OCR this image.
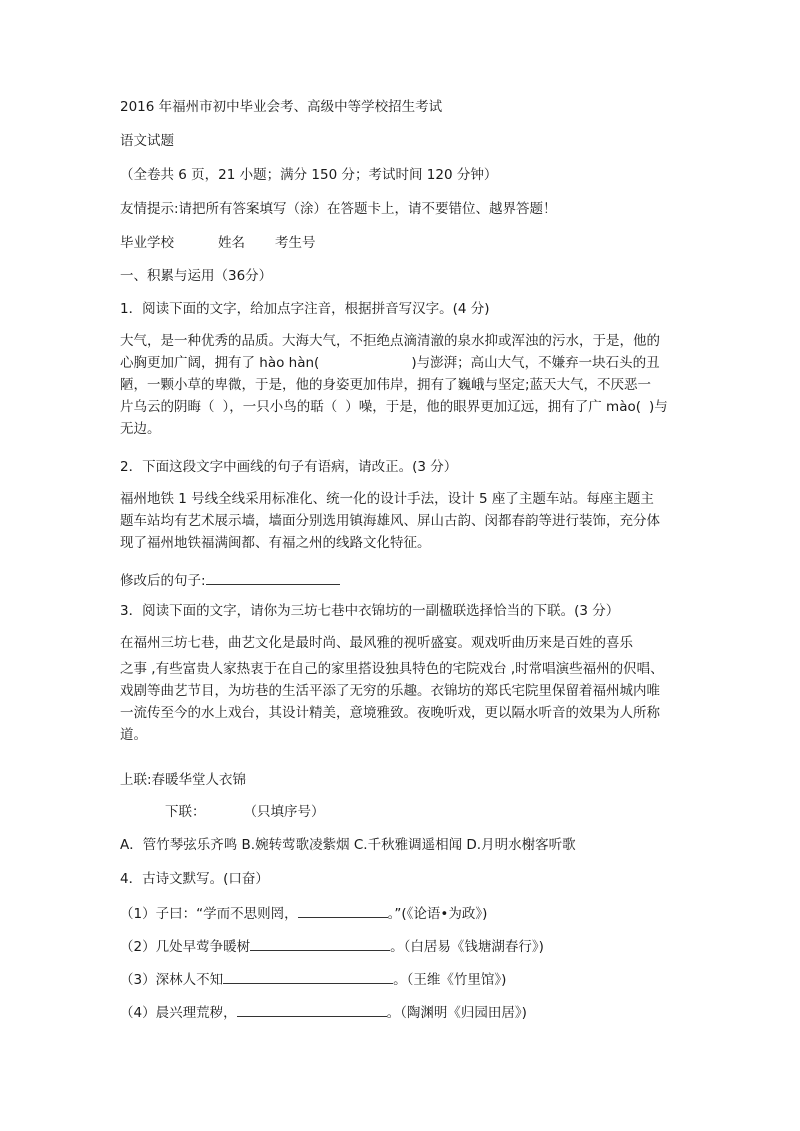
2016 年福州市初中毕业会考、高级中等学校招生考试
语文试题
（全卷共 6 页，21 小题；满分 150 分；考试时间 120 分钟）
友情提示:请把所有答案填写（涂）在答题卡上，请不要错位、越界答题！
毕业学校	姓名 考生号
一、积累与运用（36分）
1．阅读下面的文字，给加点字注音，根据拼音写汉字。(4 分)
大气，是一种优秀的品质。大海大气，不拒绝点滴清澈的泉水抑或浑浊的污水，于是，他的
心胸更加广阔，拥有了 hào hàn(	)与澎湃；高山大气，不嫌弃一块石头的丑
陋，一颗小草的卑微，于是，他的身姿更加伟岸，拥有了巍峨与坚定;蓝天大气，不厌恶一
片乌云的阴晦（ ），一只小鸟的聒（ ）噪，于是，他的眼界更加辽远，拥有了广 mào( )与
无边。
2．下面这段文字中画线的句子有语病，请改正。(3 分）
福州地铁 1 号线全线采用标准化、统一化的设计手法，设计 5 座了主题车站。每座主题主
题车站均有艺术展示墙，墙面分别选用镇海雄风、屏山古韵、闵都春韵等进行装饰，充分体
现了福州地铁福满闽都、有福之州的线路文化特征。
修改后的句子:
3．阅读下面的文字，请你为三坊七巷中衣锦坊的一副楹联选择恰当的下联。(3 分）
在福州三坊七巷，曲艺文化是最时尚、最风雅的视听盛宴。观戏听曲历来是百姓的喜乐
之事 ,有些富贵人家热衷于在自己的家里搭设独具特色的宅院戏台 ,时常唱演些福州的伬唱、
戏剧等曲艺节目，为坊巷的生活平添了无穷的乐趣。衣锦坊的郑氏宅院里保留着福州城内唯
一流传至今的水上戏台，其设计精美，意境雅致。夜晚听戏，更以隔水听音的效果为人所称
道。
上联:春暖华堂人衣锦
下联：	（只填序号）
A．管竹琴弦乐齐鸣 B.婉转莺歌凌紫烟 C.千秋雅调遥相闻 D.月明水榭客听歌
4．古诗文默写。(口奋）
（1）子曰：“学而不思则罔，	。”(《论语•为政》)
（2）几处早莺争暖树	。（白居易《钱塘湖春行》)
（3）深林人不知	。（王维《竹里馆》)
（4）晨兴理荒秽，	。（陶渊明《归园田居》)
